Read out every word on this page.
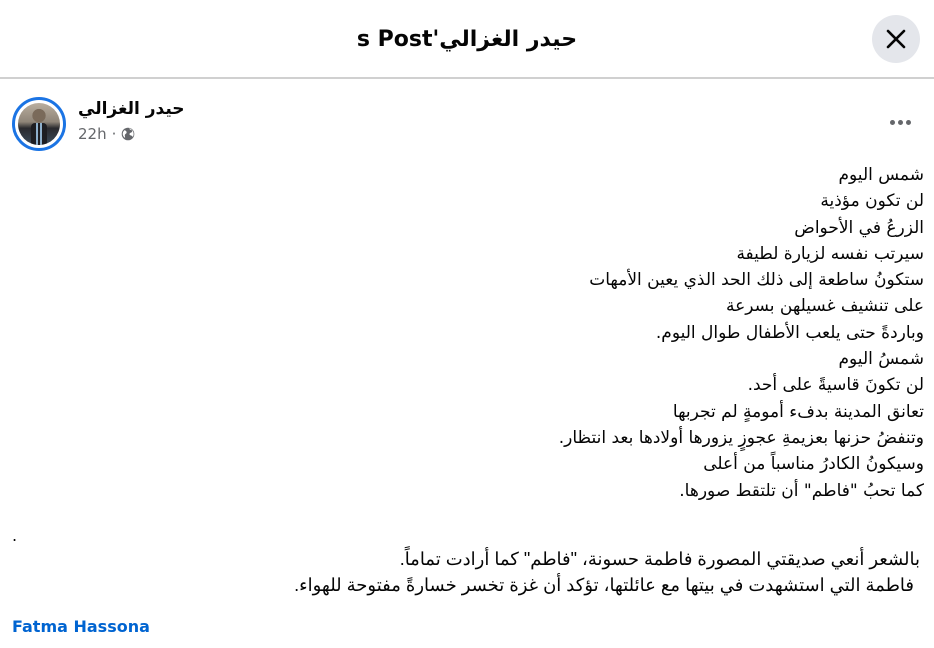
حيدر الغزالي's Post
حيدر الغزالي
22h ·
شمس اليوم
لن تكون مؤذية
الزرعُ في الأحواض
سيرتب نفسه لزيارة لطيفة
ستكونُ ساطعة إلى ذلك الحد الذي يعين الأمهات
على تنشيف غسيلهن بسرعة
وباردةً حتى يلعب الأطفال طوال اليوم.
شمسُ اليوم
لن تكونَ قاسيةً على أحد.
تعانق المدينة بدفء أمومةٍ لم تجربها
وتنفضُ حزنها بعزيمةِ عجوزٍ يزورها أولادها بعد انتظار.
وسيكونُ الكادرُ مناسباً من أعلى
كما تحبُ "فاطم" أن تلتقط صورها.
.
بالشعر أنعي صديقتي المصورة فاطمة حسونة، "فاطم" كما أرادت تماماً.
فاطمة التي استشهدت في بيتها مع عائلتها، تؤكد أن غزة تخسر خسارةً مفتوحة للهواء.
Fatma Hassona
